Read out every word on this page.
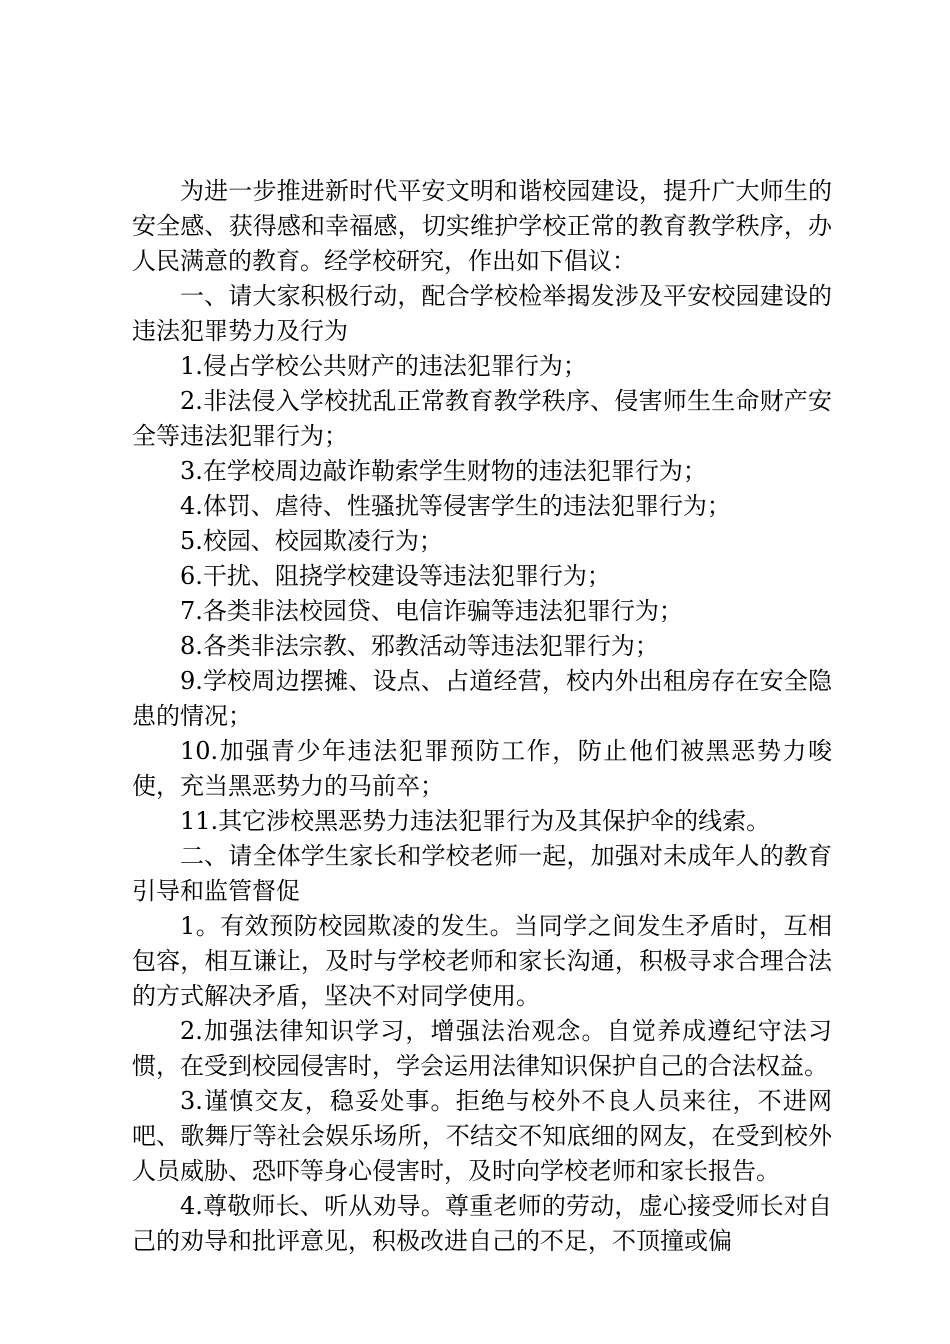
为进一步推进新时代平安文明和谐校园建设，提升广大师生的安全感、获得感和幸福感，切实维护学校正常的教育教学秩序，办人民满意的教育。经学校研究，作出如下倡议：

一、请大家积极行动，配合学校检举揭发涉及平安校园建设的违法犯罪势力及行为

1.侵占学校公共财产的违法犯罪行为；

2.非法侵入学校扰乱正常教育教学秩序、侵害师生生命财产安全等违法犯罪行为；

3.在学校周边敲诈勒索学生财物的违法犯罪行为；

4.体罚、虐待、性骚扰等侵害学生的违法犯罪行为；

5.校园、校园欺凌行为；

6.干扰、阻挠学校建设等违法犯罪行为；

7.各类非法校园贷、电信诈骗等违法犯罪行为；

8.各类非法宗教、邪教活动等违法犯罪行为；

9.学校周边摆摊、设点、占道经营，校内外出租房存在安全隐患的情况；

10.加强青少年违法犯罪预防工作，防止他们被黑恶势力唆使，充当黑恶势力的马前卒；

11.其它涉校黑恶势力违法犯罪行为及其保护伞的线索。

二、请全体学生家长和学校老师一起，加强对未成年人的教育引导和监管督促

1。有效预防校园欺凌的发生。当同学之间发生矛盾时，互相包容，相互谦让，及时与学校老师和家长沟通，积极寻求合理合法的方式解决矛盾，坚决不对同学使用。

2.加强法律知识学习，增强法治观念。自觉养成遵纪守法习惯，在受到校园侵害时，学会运用法律知识保护自己的合法权益。

3.谨慎交友，稳妥处事。拒绝与校外不良人员来往，不进网吧、歌舞厅等社会娱乐场所，不结交不知底细的网友，在受到校外人员威胁、恐吓等身心侵害时，及时向学校老师和家长报告。

4.尊敬师长、听从劝导。尊重老师的劳动，虚心接受师长对自己的劝导和批评意见，积极改进自己的不足，不顶撞或偏
